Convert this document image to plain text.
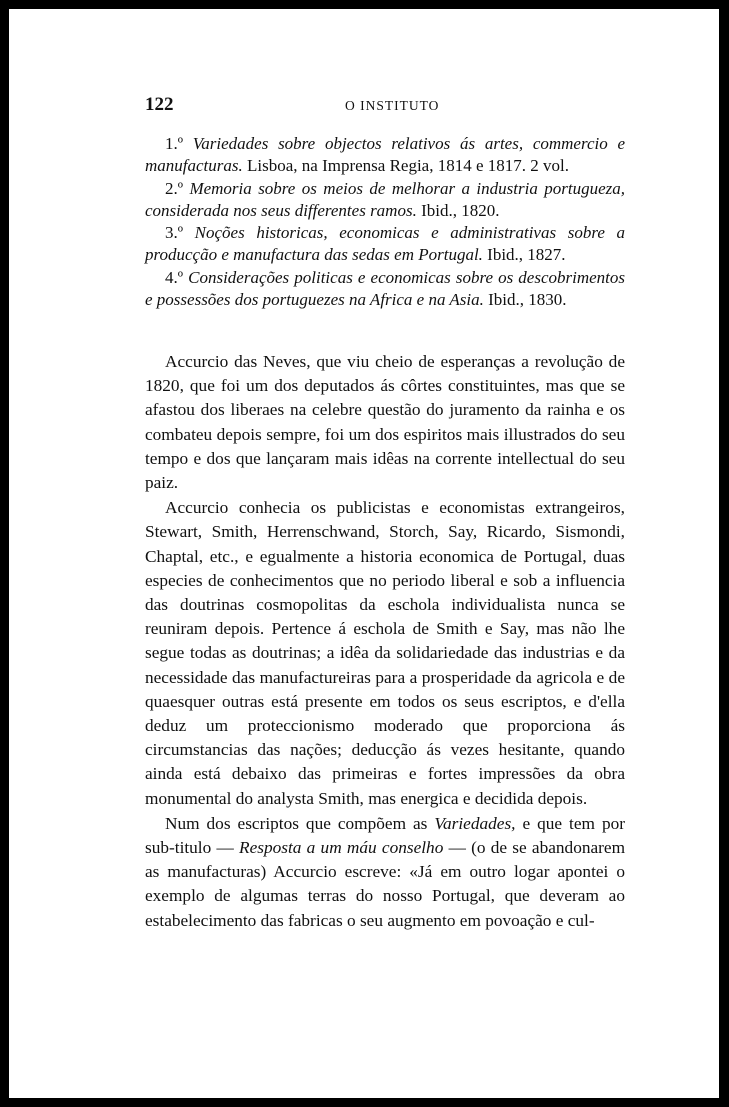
122	O INSTITUTO

1.º Variedades sobre objectos relativos ás artes, commercio e manufacturas. Lisboa, na Imprensa Regia, 1814 e 1817. 2 vol.

2.º Memoria sobre os meios de melhorar a industria portugueza, considerada nos seus differentes ramos. Ibid., 1820.

3.º Noções historicas, economicas e administrativas sobre a producção e manufactura das sedas em Portugal. Ibid., 1827.

4.º Considerações politicas e economicas sobre os descobrimentos e possessões dos portuguezes na Africa e na Asia. Ibid., 1830.

Accurcio das Neves, que viu cheio de esperanças a revolução de 1820, que foi um dos deputados ás côrtes constituintes, mas que se afastou dos liberaes na celebre questão do juramento da rainha e os combateu depois sempre, foi um dos espiritos mais illustrados do seu tempo e dos que lançaram mais idêas na corrente intellectual do seu paiz.

Accurcio conhecia os publicistas e economistas extrangeiros, Stewart, Smith, Herrenschwand, Storch, Say, Ricardo, Sismondi, Chaptal, etc., e egualmente a historia economica de Portugal, duas especies de conhecimentos que no periodo liberal e sob a influencia das doutrinas cosmopolitas da eschola individualista nunca se reuniram depois. Pertence á eschola de Smith e Say, mas não lhe segue todas as doutrinas; a idêa da solidariedade das industrias e da necessidade das manufactureiras para a prosperidade da agricola e de quaesquer outras está presente em todos os seus escriptos, e d'ella deduz um proteccionismo moderado que proporciona ás circumstancias das nações; deducção ás vezes hesitante, quando ainda está debaixo das primeiras e fortes impressões da obra monumental do analysta Smith, mas energica e decidida depois.

Num dos escriptos que compõem as Variedades, e que tem por sub-titulo — Resposta a um máu conselho — (o de se abandonarem as manufacturas) Accurcio escreve: «Já em outro logar apontei o exemplo de algumas terras do nosso Portugal, que deveram ao estabelecimento das fabricas o seu augmento em povoação e cul-
